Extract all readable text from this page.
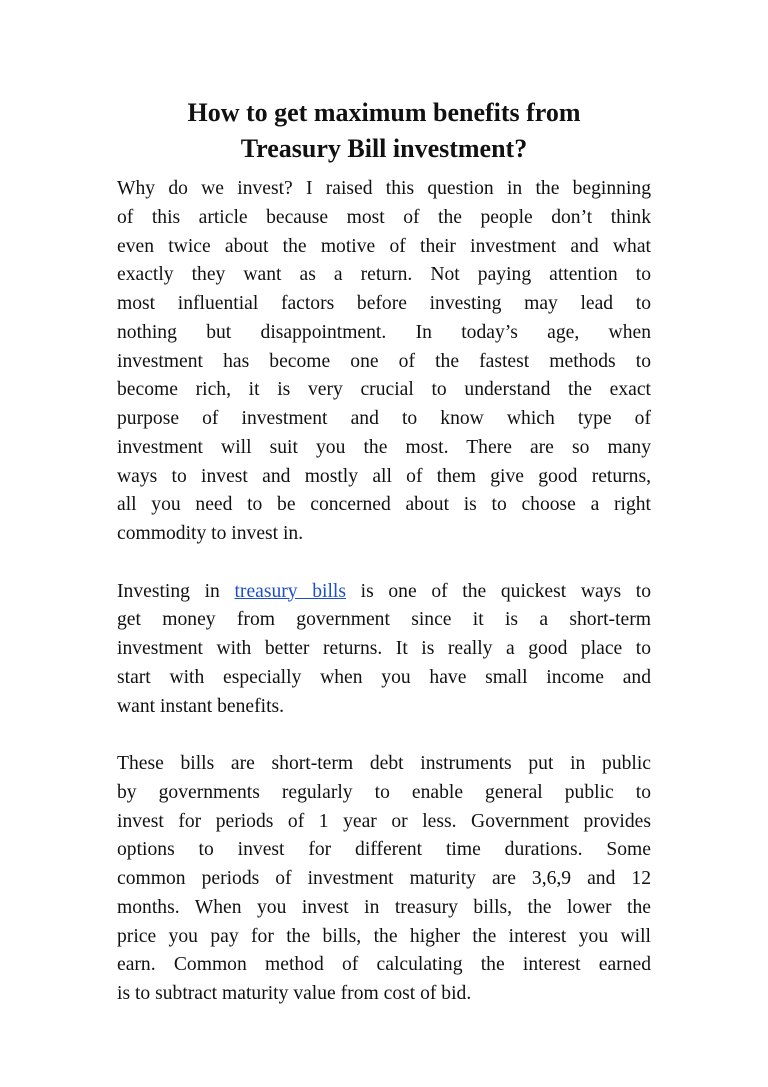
How to get maximum benefits from
Treasury Bill investment?
Why do we invest? I raised this question in the beginning
of this article because most of the people don’t think
even twice about the motive of their investment and what
exactly they want as a return. Not paying attention to
most influential factors before investing may lead to
nothing but disappointment. In today’s age, when
investment has become one of the fastest methods to
become rich, it is very crucial to understand the exact
purpose of investment and to know which type of
investment will suit you the most. There are so many
ways to invest and mostly all of them give good returns,
all you need to be concerned about is to choose a right
commodity to invest in.
Investing in treasury bills is one of the quickest ways to
get money from government since it is a short-term
investment with better returns. It is really a good place to
start with especially when you have small income and
want instant benefits.
These bills are short-term debt instruments put in public
by governments regularly to enable general public to
invest for periods of 1 year or less. Government provides
options to invest for different time durations. Some
common periods of investment maturity are 3,6,9 and 12
months. When you invest in treasury bills, the lower the
price you pay for the bills, the higher the interest you will
earn. Common method of calculating the interest earned
is to subtract maturity value from cost of bid.
